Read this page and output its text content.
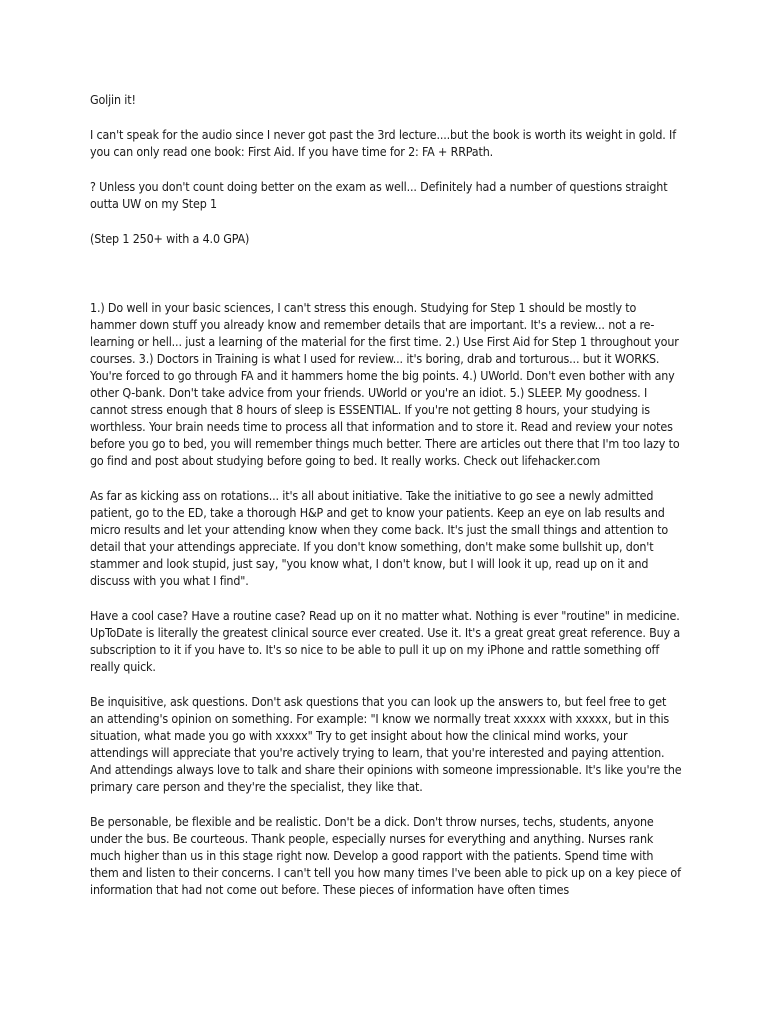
Goljin it!

I can't speak for the audio since I never got past the 3rd lecture....but the book is worth its weight in gold. If you can only read one book: First Aid. If you have time for 2: FA + RRPath.

? Unless you don't count doing better on the exam as well... Definitely had a number of questions straight outta UW on my Step 1

(Step 1 250+ with a 4.0 GPA)

1.) Do well in your basic sciences, I can't stress this enough. Studying for Step 1 should be mostly to hammer down stuff you already know and remember details that are important. It's a review... not a re-learning or hell... just a learning of the material for the first time. 2.) Use First Aid for Step 1 throughout your courses. 3.) Doctors in Training is what I used for review... it's boring, drab and torturous... but it WORKS. You're forced to go through FA and it hammers home the big points. 4.) UWorld. Don't even bother with any other Q-bank. Don't take advice from your friends. UWorld or you're an idiot. 5.) SLEEP. My goodness. I cannot stress enough that 8 hours of sleep is ESSENTIAL. If you're not getting 8 hours, your studying is worthless. Your brain needs time to process all that information and to store it. Read and review your notes before you go to bed, you will remember things much better. There are articles out there that I'm too lazy to go find and post about studying before going to bed. It really works. Check out lifehacker.com

As far as kicking ass on rotations... it's all about initiative. Take the initiative to go see a newly admitted patient, go to the ED, take a thorough H&P and get to know your patients. Keep an eye on lab results and micro results and let your attending know when they come back. It's just the small things and attention to detail that your attendings appreciate. If you don't know something, don't make some bullshit up, don't stammer and look stupid, just say, "you know what, I don't know, but I will look it up, read up on it and discuss with you what I find".

Have a cool case? Have a routine case? Read up on it no matter what. Nothing is ever "routine" in medicine. UpToDate is literally the greatest clinical source ever created. Use it. It's a great great great reference. Buy a subscription to it if you have to. It's so nice to be able to pull it up on my iPhone and rattle something off really quick.

Be inquisitive, ask questions. Don't ask questions that you can look up the answers to, but feel free to get an attending's opinion on something. For example: "I know we normally treat xxxxx with xxxxx, but in this situation, what made you go with xxxxx" Try to get insight about how the clinical mind works, your attendings will appreciate that you're actively trying to learn, that you're interested and paying attention. And attendings always love to talk and share their opinions with someone impressionable. It's like you're the primary care person and they're the specialist, they like that.

Be personable, be flexible and be realistic. Don't be a dick. Don't throw nurses, techs, students, anyone under the bus. Be courteous. Thank people, especially nurses for everything and anything. Nurses rank much higher than us in this stage right now. Develop a good rapport with the patients. Spend time with them and listen to their concerns. I can't tell you how many times I've been able to pick up on a key piece of information that had not come out before. These pieces of information have often times
